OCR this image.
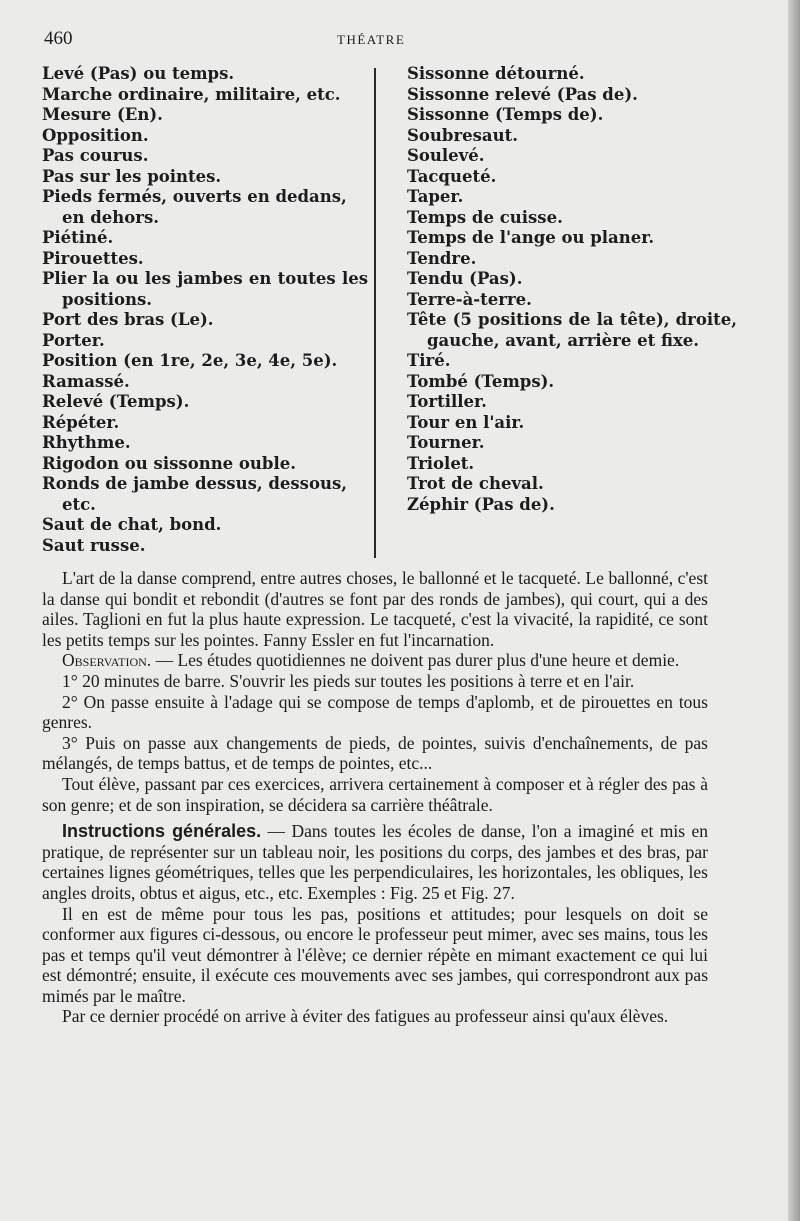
460	THÉATRE
Levé (Pas) ou temps.
Marche ordinaire, militaire, etc.
Mesure (En).
Opposition.
Pas courus.
Pas sur les pointes.
Pieds fermés, ouverts en dedans, en dehors.
Piétiné.
Pirouettes.
Plier la ou les jambes en toutes les positions.
Port des bras (Le).
Porter.
Position (en 1re, 2e, 3e, 4e, 5e).
Ramassé.
Relevé (Temps).
Répéter.
Rhythme.
Rigodon ou sissonne ouble.
Ronds de jambe dessus, dessous, etc.
Saut de chat, bond.
Saut russe.
Sissonne détourné.
Sissonne relevé (Pas de).
Sissonne (Temps de).
Soubresaut.
Soulevé.
Tacqueté.
Taper.
Temps de cuisse.
Temps de l'ange ou planer.
Tendre.
Tendu (Pas).
Terre-à-terre.
Tête (5 positions de la tête), droite, gauche, avant, arrière et fixe.
Tiré.
Tombé (Temps).
Tortiller.
Tour en l'air.
Tourner.
Triolet.
Trot de cheval.
Zéphir (Pas de).

L'art de la danse comprend, entre autres choses, le ballonné et le tacqueté. Le ballonné, c'est la danse qui bondit et rebondit (d'autres se font par des ronds de jambes), qui court, qui a des ailes. Taglioni en fut la plus haute expression. Le tacqueté, c'est la vivacité, la rapidité, ce sont les petits temps sur les pointes. Fanny Essler en fut l'incarnation.

Observation. — Les études quotidiennes ne doivent pas durer plus d'une heure et demie.

1° 20 minutes de barre. S'ouvrir les pieds sur toutes les positions à terre et en l'air.

2° On passe ensuite à l'adage qui se compose de temps d'aplomb, et de pirouettes en tous genres.

3° Puis on passe aux changements de pieds, de pointes, suivis d'enchaînements, de pas mélangés, de temps battus, et de temps de pointes, etc...

Tout élève, passant par ces exercices, arrivera certainement à composer et à régler des pas à son genre; et de son inspiration, se décidera sa carrière théâtrale.

Instructions générales. — Dans toutes les écoles de danse, l'on a imaginé et mis en pratique, de représenter sur un tableau noir, les positions du corps, des jambes et des bras, par certaines lignes géométriques, telles que les perpendiculaires, les horizontales, les obliques, les angles droits, obtus et aigus, etc., etc. Exemples : Fig. 25 et Fig. 27.

Il en est de même pour tous les pas, positions et attitudes; pour lesquels on doit se conformer aux figures ci-dessous, ou encore le professeur peut mimer, avec ses mains, tous les pas et temps qu'il veut démontrer à l'élève; ce dernier répète en mimant exactement ce qui lui est démontré; ensuite, il exécute ces mouvements avec ses jambes, qui correspondront aux pas mimés par le maître.

Par ce dernier procédé on arrive à éviter des fatigues au professeur ainsi qu'aux élèves.
